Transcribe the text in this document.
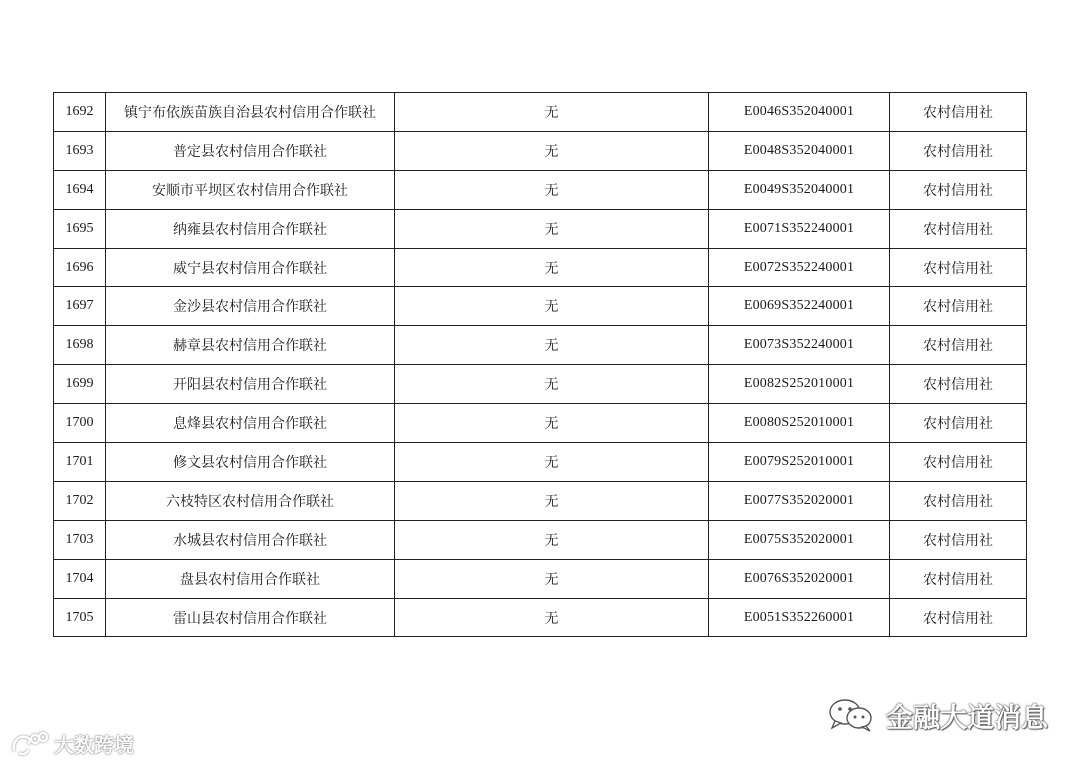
1692	镇宁布依族苗族自治县农村信用合作联社	无	E0046S352040001	农村信用社
1693	普定县农村信用合作联社	无	E0048S352040001	农村信用社
1694	安顺市平坝区农村信用合作联社	无	E0049S352040001	农村信用社
1695	纳雍县农村信用合作联社	无	E0071S352240001	农村信用社
1696	威宁县农村信用合作联社	无	E0072S352240001	农村信用社
1697	金沙县农村信用合作联社	无	E0069S352240001	农村信用社
1698	赫章县农村信用合作联社	无	E0073S352240001	农村信用社
1699	开阳县农村信用合作联社	无	E0082S252010001	农村信用社
1700	息烽县农村信用合作联社	无	E0080S252010001	农村信用社
1701	修文县农村信用合作联社	无	E0079S252010001	农村信用社
1702	六枝特区农村信用合作联社	无	E0077S352020001	农村信用社
1703	水城县农村信用合作联社	无	E0075S352020001	农村信用社
1704	盘县农村信用合作联社	无	E0076S352020001	农村信用社
1705	雷山县农村信用合作联社	无	E0051S352260001	农村信用社
大数跨境
金融大道消息
